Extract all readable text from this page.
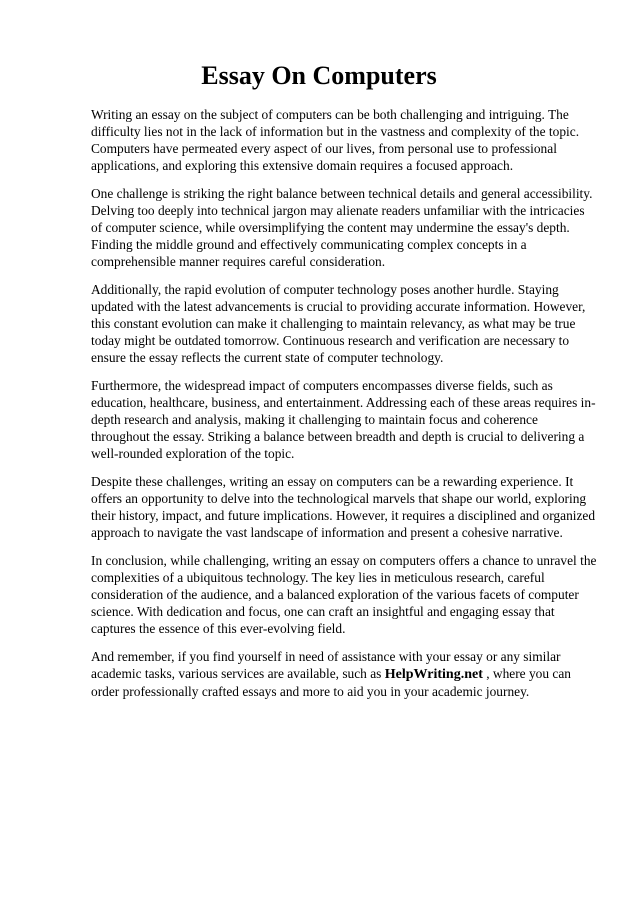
Essay On Computers

Writing an essay on the subject of computers can be both challenging and intriguing. The difficulty lies not in the lack of information but in the vastness and complexity of the topic. Computers have permeated every aspect of our lives, from personal use to professional applications, and exploring this extensive domain requires a focused approach.

One challenge is striking the right balance between technical details and general accessibility. Delving too deeply into technical jargon may alienate readers unfamiliar with the intricacies of computer science, while oversimplifying the content may undermine the essay's depth. Finding the middle ground and effectively communicating complex concepts in a comprehensible manner requires careful consideration.

Additionally, the rapid evolution of computer technology poses another hurdle. Staying updated with the latest advancements is crucial to providing accurate information. However, this constant evolution can make it challenging to maintain relevancy, as what may be true today might be outdated tomorrow. Continuous research and verification are necessary to ensure the essay reflects the current state of computer technology.

Furthermore, the widespread impact of computers encompasses diverse fields, such as education, healthcare, business, and entertainment. Addressing each of these areas requires in-depth research and analysis, making it challenging to maintain focus and coherence throughout the essay. Striking a balance between breadth and depth is crucial to delivering a well-rounded exploration of the topic.

Despite these challenges, writing an essay on computers can be a rewarding experience. It offers an opportunity to delve into the technological marvels that shape our world, exploring their history, impact, and future implications. However, it requires a disciplined and organized approach to navigate the vast landscape of information and present a cohesive narrative.

In conclusion, while challenging, writing an essay on computers offers a chance to unravel the complexities of a ubiquitous technology. The key lies in meticulous research, careful consideration of the audience, and a balanced exploration of the various facets of computer science. With dedication and focus, one can craft an insightful and engaging essay that captures the essence of this ever-evolving field.

And remember, if you find yourself in need of assistance with your essay or any similar academic tasks, various services are available, such as HelpWriting.net , where you can order professionally crafted essays and more to aid you in your academic journey.
